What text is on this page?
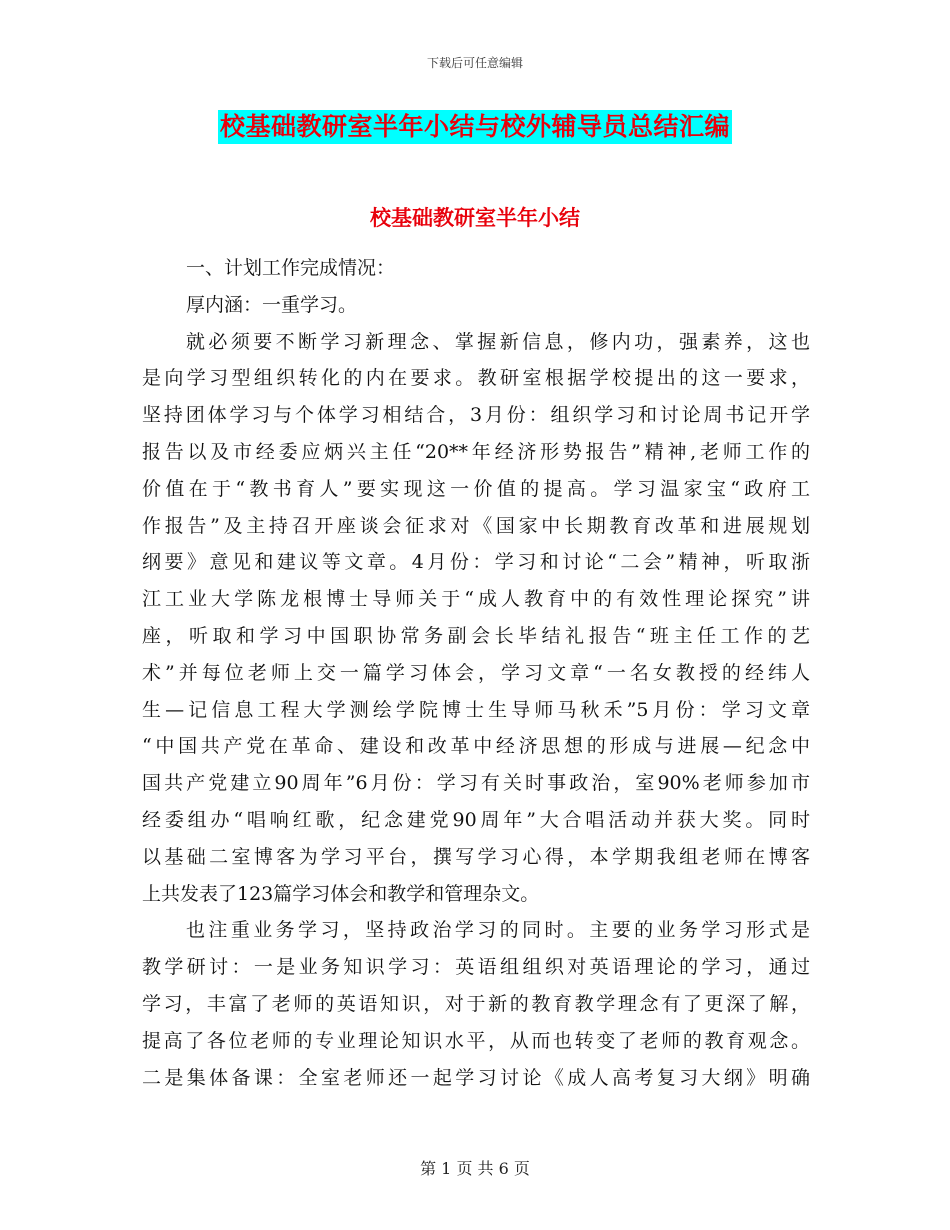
下载后可任意编辑
校基础教研室半年小结与校外辅导员总结汇编
校基础教研室半年小结
一、计划工作完成情况：
厚内涵：一重学习。
就必须要不断学习新理念、掌握新信息，修内功，强素养，这也
是向学习型组织转化的内在要求。教研室根据学校提出的这一要求，
坚持团体学习与个体学习相结合，3月份：组织学习和讨论周书记开学
报告以及市经委应炳兴主任“20**年经济形势报告”精神,老师工作的
价值在于“教书育人”要实现这一价值的提高。学习温家宝“政府工
作报告”及主持召开座谈会征求对《国家中长期教育改革和进展规划
纲要》意见和建议等文章。4月份：学习和讨论“二会”精神，听取浙
江工业大学陈龙根博士导师关于“成人教育中的有效性理论探究”讲
座，听取和学习中国职协常务副会长毕结礼报告“班主任工作的艺
术”并每位老师上交一篇学习体会，学习文章“一名女教授的经纬人
生—记信息工程大学测绘学院博士生导师马秋禾”5月份：学习文章
“中国共产党在革命、建设和改革中经济思想的形成与进展—纪念中
国共产党建立90周年”6月份：学习有关时事政治，室90%老师参加市
经委组办“唱响红歌，纪念建党90周年”大合唱活动并获大奖。同时
以基础二室博客为学习平台，撰写学习心得，本学期我组老师在博客
上共发表了123篇学习体会和教学和管理杂文。
也注重业务学习，坚持政治学习的同时。主要的业务学习形式是
教学研讨：一是业务知识学习：英语组组织对英语理论的学习，通过
学习，丰富了老师的英语知识，对于新的教育教学理念有了更深了解，
提高了各位老师的专业理论知识水平，从而也转变了老师的教育观念。
二是集体备课：全室老师还一起学习讨论《成人高考复习大纲》明确
第 1 页 共 6 页
